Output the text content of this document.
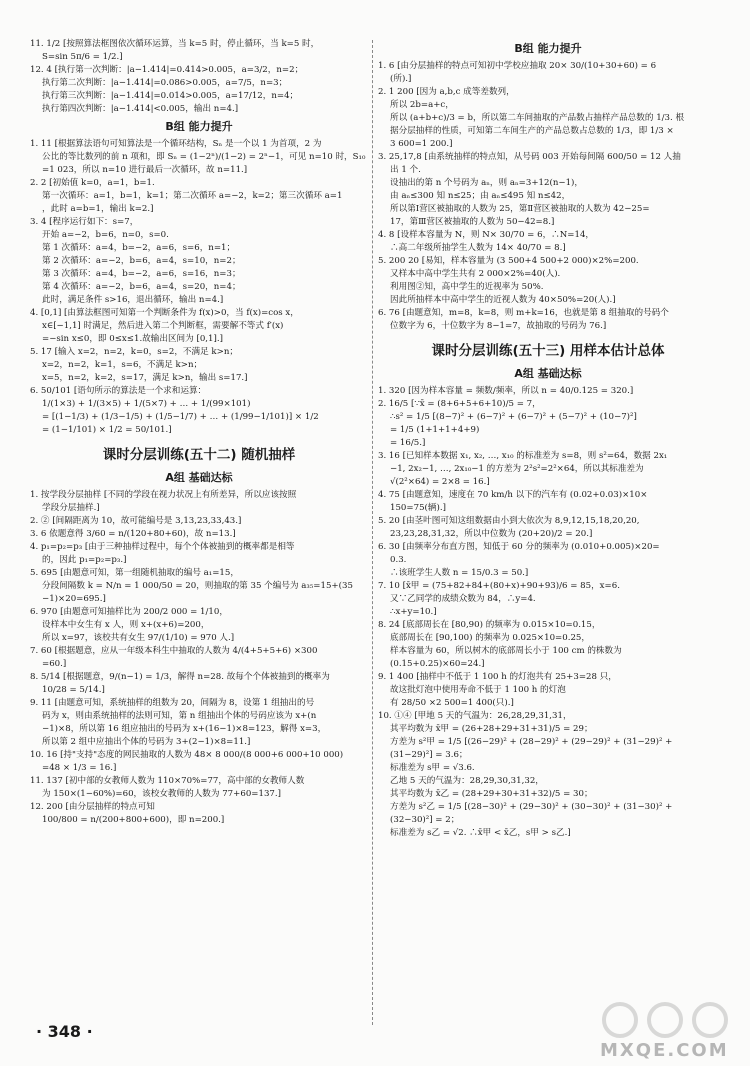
11. 1/2 [按照算法框图依次循环运算，当 k=5 时，停止循环，当 k=5 时，
S=sin 5π/6 = 1/2.]
12. 4 [执行第一次判断：|a−1.414|=0.414>0.005，a=3/2，n=2；
执行第二次判断：|a−1.414|=0.086>0.005，a=7/5，n=3；
执行第三次判断：|a−1.414|=0.014>0.005，a=17/12，n=4；
执行第四次判断：|a−1.414|<0.005，输出 n=4.]
B组 能力提升
1. 11 [根据算法语句可知算法是一个循环结构，Sₙ 是一个以 1 为首项，2 为
公比的等比数列的前 n 项和，即 Sₙ = (1−2ⁿ)/(1−2) = 2ⁿ−1，可见 n=10 时，S₁₀
=1 023，所以 n=10 进行最后一次循环，故 n=11.]
2. 2 [初始值 k=0，a=1，b=1.
第一次循环：a=1，b=1，k=1；第二次循环 a=−2，k=2；第三次循环 a=1
，此时 a=b=1，输出 k=2.]
3. 4 [程序运行如下：s=7，
开始 a=−2，b=6，n=0，s=0.
第 1 次循环：a=4，b=−2，a=6，s=6，n=1；
第 2 次循环：a=−2，b=6，a=4，s=10，n=2；
第 3 次循环：a=4，b=−2，a=6，s=16，n=3；
第 4 次循环：a=−2，b=6，a=4，s=20，n=4；
此时，满足条件 s>16，退出循环，输出 n=4.]
4. [0,1] [由算法框图可知第一个判断条件为 f(x)>0，当 f(x)=cos x，
x∈[−1,1] 时满足，然后进入第二个判断框，需要解不等式 f′(x)
=−sin x≤0，即 0≤x≤1.故输出区间为 [0,1].]
5. 17 [输入 x=2，n=2，k=0，s=2，不满足 k>n；
x=2，n=2，k=1，s=6，不满足 k>n；
x=5，n=2，k=2，s=17，满足 k>n，输出 s=17.]
6. 50/101 [语句所示的算法是一个求和运算：
1/(1×3) + 1/(3×5) + 1/(5×7) + … + 1/(99×101)
= [(1−1/3) + (1/3−1/5) + (1/5−1/7) + … + (1/99−1/101)] × 1/2
= (1−1/101) × 1/2 = 50/101.]
课时分层训练(五十二) 随机抽样
A组 基础达标
1. 按学段分层抽样 [不同的学段在视力状况上有所差异，所以应该按照
学段分层抽样.]
2. ② [间隔距离为 10，故可能编号是 3,13,23,33,43.]
3. 6 依题意得 3/60 = n/(120+80+60)，故 n=13.]
4. p₁=p₂=p₃ [由于三种抽样过程中，每个个体被抽到的概率都是相等
的，因此 p₁=p₂=p₃.]
5. 695 [由题意可知，第一组随机抽取的编号 a₁=15，
分段间隔数 k = N/n = 1 000/50 = 20，则抽取的第 35 个编号为 a₃₅=15+(35
−1)×20=695.]
6. 970 [由题意可知抽样比为 200/2 000 = 1/10，
设样本中女生有 x 人，则 x+(x+6)=200，
所以 x=97，该校共有女生 97/(1/10) = 970 人.]
7. 60 [根据题意，应从一年级本科生中抽取的人数为 4/(4+5+5+6) ×300
=60.]
8. 5/14 [根据题意，9/(n−1) = 1/3，解得 n=28. 故每个个体被抽到的概率为
10/28 = 5/14.]
9. 11 [由题意可知，系统抽样的组数为 20，间隔为 8，设第 1 组抽出的号
码为 x，则由系统抽样的法则可知，第 n 组抽出个体的号码应该为 x+(n
−1)×8，所以第 16 组应抽出的号码为 x+(16−1)×8=123，解得 x=3，
所以第 2 组中应抽出个体的号码为 3+(2−1)×8=11.]
10. 16 [持"支持"态度的网民抽取的人数为 48× 8 000/(8 000+6 000+10 000)
=48 × 1/3 = 16.]
11. 137 [初中部的女教师人数为 110×70%=77，高中部的女教师人数
为 150×(1−60%)=60，该校女教师的人数为 77+60=137.]
12. 200 [由分层抽样的特点可知
100/800 = n/(200+800+600)，即 n=200.]
B组 能力提升
1. 6 [由分层抽样的特点可知初中学校应抽取 20× 30/(10+30+60) = 6
(所).]
2. 1 200 [因为 a,b,c 成等差数列，
所以 2b=a+c，
所以 (a+b+c)/3 = b，所以第二车间抽取的产品数占抽样产品总数的 1/3. 根
据分层抽样的性质，可知第二车间生产的产品总数占总数的 1/3，即 1/3 ×
3 600=1 200.]
3. 25,17,8 [由系统抽样的特点知，从号码 003 开始每间隔 600/50 = 12 人抽
出 1 个.
设抽出的第 n 个号码为 aₙ，则 aₙ=3+12(n−1)，
由 aₙ≤300 知 n≤25；由 aₙ≤495 知 n≤42，
所以第Ⅰ营区被抽取的人数为 25，第Ⅱ营区被抽取的人数为 42−25=
17，第Ⅲ营区被抽取的人数为 50−42=8.]
4. 8 [设样本容量为 N，则 N× 30/70 = 6，∴N=14，
∴高二年级所抽学生人数为 14× 40/70 = 8.]
5. 200 20 [易知，样本容量为 (3 500+4 500+2 000)×2%=200.
又样本中高中学生共有 2 000×2%=40(人).
利用图②知，高中学生的近视率为 50%.
因此所抽样本中高中学生的近视人数为 40×50%=20(人).]
6. 76 [由题意知，m=8，k=8，则 m+k=16，也就是第 8 组抽取的号码个
位数字为 6，十位数字为 8−1=7，故抽取的号码为 76.]
课时分层训练(五十三) 用样本估计总体
A组 基础达标
1. 320 [因为样本容量 = 频数/频率，所以 n = 40/0.125 = 320.]
2. 16/5 [∵x̄ = (8+6+5+6+10)/5 = 7，
∴s² = 1/5 [(8−7)² + (6−7)² + (6−7)² + (5−7)² + (10−7)²]
= 1/5 (1+1+1+4+9)
= 16/5.]
3. 16 [已知样本数据 x₁, x₂, …, x₁₀ 的标准差为 s=8，则 s²=64，数据 2x₁
−1, 2x₂−1, …, 2x₁₀−1 的方差为 2²s²=2²×64，所以其标准差为
√(2²×64) = 2×8 = 16.]
4. 75 [由题意知，速度在 70 km/h 以下的汽车有 (0.02+0.03)×10×
150=75(辆).]
5. 20 [由茎叶图可知这组数据由小到大依次为 8,9,12,15,18,20,20,
23,23,28,31,32，所以中位数为 (20+20)/2 = 20.]
6. 30 [由频率分布直方图，知低于 60 分的频率为 (0.010+0.005)×20=
0.3.
∴该班学生人数 n = 15/0.3 = 50.]
7. 10 [x̄甲 = (75+82+84+(80+x)+90+93)/6 = 85，x=6.
又∵乙同学的成绩众数为 84，∴y=4.
∴x+y=10.]
8. 24 [底部周长在 [80,90) 的频率为 0.015×10=0.15，
底部周长在 [90,100) 的频率为 0.025×10=0.25，
样本容量为 60，所以树木的底部周长小于 100 cm 的株数为
(0.15+0.25)×60=24.]
9. 1 400 [抽样中不低于 1 100 h 的灯泡共有 25+3=28 只，
故这批灯泡中使用寿命不低于 1 100 h 的灯泡
有 28/50 ×2 500=1 400(只).]
10. ①④ [甲地 5 天的气温为：26,28,29,31,31，
其平均数为 x̄甲 = (26+28+29+31+31)/5 = 29；
方差为 s²甲 = 1/5 [(26−29)² + (28−29)² + (29−29)² + (31−29)² +
(31−29)²] = 3.6；
标准差为 s甲 = √3.6.
乙地 5 天的气温为：28,29,30,31,32，
其平均数为 x̄乙 = (28+29+30+31+32)/5 = 30；
方差为 s²乙 = 1/5 [(28−30)² + (29−30)² + (30−30)² + (31−30)² +
(32−30)²] = 2；
标准差为 s乙 = √2. ∴x̄甲 < x̄乙，s甲 > s乙.]
· 348 ·
MXQE.COM
